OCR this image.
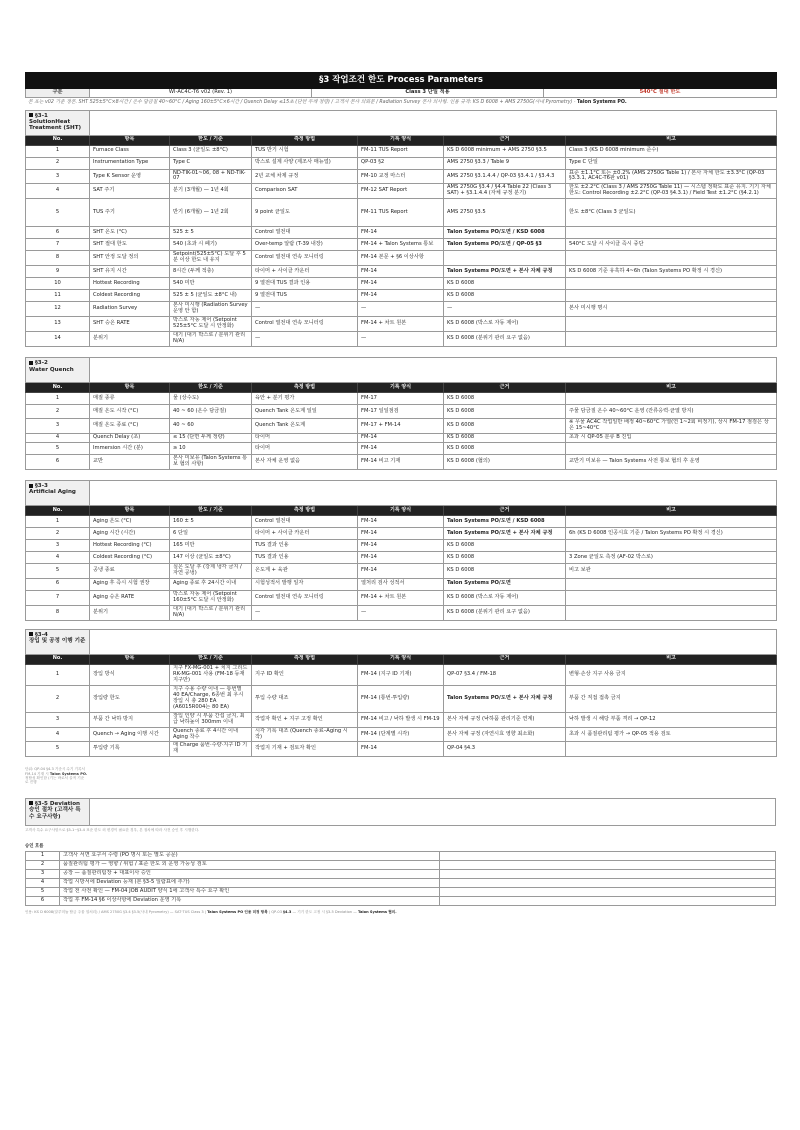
§3 작업조건 한도 Process Parameters
구분	WI-AC4C-T6 v02 (Rev. 1)	Class 3 단일 적용	540°C 절대 한도
본 표는 v02 기준 정본. SHT 525±5°C×8시간 / 온수 담금질 40~60°C / Aging 160±5°C×6시간 / Quench Delay ≤15초 (단면 두께 정량) / 고객사 본사 의뢰분 / Radiation Survey 본사 의사형. 인용 규격: KS D 6008 + AMS 2750G(사내 Pyrometry) · Talon Systems PO.
§3-1
SolutionHeat Treatment (SHT)						
No.	항목	한도 / 기준	측정 방법	기록 양식	근거	비고
1	Furnace Class	Class 3 (균일도 ±8°C)	TUS 반기 시험	FM-11 TUS Report	KS D 6008 minimum + AMS 2750 §3.5	Class 3 (KS D 6008 minimum 준수)
2	Instrumentation Type	Type C	박스로 설계 사양 (제조사 매뉴얼)	QP-03 §2	AMS 2750 §3.3 / Table 9	Type C 단일
3	Type K Sensor 운영	ND-TIK-01~06, 08 + ND-TIK-07	2년 교체 차제 규정	FM-10 교정 마스터	AMS 2750 §3.1.4.4 / QP-03 §3.4.1 / §3.4.3	표준 ±1.1°C 또는 ±0.2% (AMS 2750G Table 1) / 본사 자체 한도 ±3.3°C (QP-03 §3.3.1, AC4C-T6판 v01)
4	SAT 주기	분기 (3개월) — 1년 4회	Comparison SAT	FM-12 SAT Report	AMS 2750G §3.4 / §4.4 Table 22 (Class 3 SAT) + §3.1.4.4 (자체 규정 분기)	한도 ±2.2°C (Class 3 / AMS 2750G Table 11) — 시스템 정확도 표준 유지. 기기 자체 한도: Control Recording ±2.2°C (QP-03 §4.3.1) / Field Test ±1.2°C (§4.2.1)
5	TUS 주기	반기 (6개월) — 1년 2회	9 point 균일도	FM-11 TUS Report	AMS 2750 §3.5	한도 ±8°C (Class 3 균일도)
6	SHT 온도 (°C)	525 ± 5	Control 열전대	FM-14	Talon Systems PO/도면 / KSD 6008	
7	SHT 절대 한도	540 (초과 시 폐기)	Over-temp 알람 (T-39 내장)	FM-14 + Talon Systems 통보	Talon Systems PO/도면 / QP-05 §3	540°C 도달 시 사이클 즉시 중단
8	SHT 안정 도달 정의	Setpoint(525±5°C) 도달 후 5분 이상 한도 내 유지	Control 열전대 연속 모니터링	FM-14 본문 + §6 이상사항		
9	SHT 유지 시간	8시간 (두께 적층)	타이머 + 사이클 카운터	FM-14	Talon Systems PO/도면 + 본사 자체 규정	KS D 6008 기준 유혹하 4~6h (Talon Systems PO 확정 시 경신)
10	Hottest Recording	540 미만	9 열전대 TUS 결과 인용	FM-14	KS D 6008	
11	Coldest Recording	525 ± 5 (균일도 ±8°C 내)	9 열전대 TUS	FM-14	KS D 6008	
12	Radiation Survey	본사 미시행 (Radiation Survey 운영 안 함)	—	—	—	본사 미시행 명시
13	SHT 승온 RATE	박스로 자동 제어 (Setpoint 525±5°C 도달 시 안정화)	Control 열전대 연속 모니터링	FM-14 + 차트 원본	KS D 6008 (박스로 자동 제어)	
14	분위기	대기 (대기 박스로 / 분위기 관리 N/A)	—	—	KS D 6008 (분위기 관리 요구 없음)	
§3-2
Water Quench						
No.	항목	한도 / 기준	측정 방법	기록 양식	근거	비고
1	매질 종류	물 (상수도)	육안 + 분기 평가	FM-17	KS D 6008	
2	매질 온도 시작 (°C)	40 ~ 60 (온수 담금질)	Quench Tank 온도계 일일	FM-17 일일점검	KS D 6008	주물 담금질 온수 40~60°C 운영 (잔류응력·균열 방지)
3	매질 온도 종료 (°C)	40 ~ 60	Quench Tank 온도계	FM-17 + FM-14	KS D 6008	※ 우물 AC4C 작업일반 배정 40~60°C 가열(연 1~2회 비정기), 상시 FM-17 점검은 상온 15~40°C
4	Quench Delay (초)	≤ 15 (단면 두께 정량)	타이머	FM-14	KS D 6008	초과 시 QP-05 분류 B 진입
5	Immersion 시간 (분)	≥ 10	타이머	FM-14	KS D 6008	
6	교반	본사 미보유 (Talon Systems 통보 협의 사항)	본사 자체 운영 없음	FM-14 비고 기재	KS D 6008 (협의)	교반기 미보유 — Talon Systems 사전 통보 협의 후 운영
§3-3
Artificial Aging						
No.	항목	한도 / 기준	측정 방법	기록 양식	근거	비고
1	Aging 온도 (°C)	160 ± 5	Control 열전대	FM-14	Talon Systems PO/도면 / KSD 6008	
2	Aging 시간 (시간)	6 단일	타이머 + 사이클 카운터	FM-14	Talon Systems PO/도면 + 본사 자체 규정	6h (KS D 6008 인공시효 기준 / Talon Systems PO 확정 시 경신)
3	Hottest Recording (°C)	165 미만	TUS 결과 인용	FM-14	KS D 6008	
4	Coldest Recording (°C)	147 이상 (균일도 ±8°C)	TUS 결과 인용	FM-14	KS D 6008	3 Zone 균일도 측정 (AF-02 박스로)
5	공냉 종료	실온 도달 후 (강제 냉각 금지 / 자연 공냉)	온도계 + 육관	FM-14	KS D 6008	비고 보관
6	Aging 후 즉시 시험 권장	Aging 종료 후 24시간 이내	시험성적서 발행 일자	열처리 검사 성적서	Talon Systems PO/도면	
7	Aging 승온 RATE	박스로 자동 제어 (Setpoint 160±5°C 도달 시 안정화)	Control 열전대 연속 모니터링	FM-14 + 차트 원본	KS D 6008 (박스로 자동 제어)	
8	분위기	대기 (대기 박스로 / 분위기 관리 N/A)	—	—	KS D 6008 (분위기 관리 요구 없음)	
§3-4
장입 및 공정 이행 기준						
No.	항목	한도 / 기준	측정 방법	기록 양식	근거	비고
1	장입 방식	지구 FX-MG-001 + 치지 그리드 RK-MG-001 사용 (FM-18 등재 지구만)	지구 ID 확인	FM-14 (지구 ID 기재)	QP-07 §3.4 / FM-18	변형·손상 지구 사용 금지
2	장입량 한도	지구 수용 수량 이내 — 통번별 40 EA/Charge, 6종번 최 우시 장입 시 총 280 EA (A6015R004는 80 EA)	투입 수량 대조	FM-14 (통번·투입량)	Talon Systems PO/도면 + 본사 자체 규정	부품 간 직접 접촉 금지
3	부품 간 낙하 방지	장입 인양 시 부품 간섭 금지, 최급 낙하높이 300mm 이내	작업자 확인 + 지구 고정 확인	FM-14 비고 / 낙하 발생 시 FM-19	본사 자체 규정 (낙하품 관리기준 연계)	낙하 발생 시 해당 부품 격리 → QP-12
4	Quench → Aging 이행 시간	Quench 종료 후 4시간 이내 Aging 착수	시각 기록 대조 (Quench 종료–Aging 시작)	FM-14 (단계별 시각)	본사 자체 규정 (자연시효 영향 최소화)	초과 시 품질관리팀 평가 → QP-05 적용 검토
5	투입량 기록	매 Charge 품번·수량·지구 ID 기재	작업지 기재 + 검토자 확인	FM-14	QP-04 §4.3	
단위: QP-04 §4.3 기준시 수기 기록서
FM-14 기재 시 Talon Systems PO.
정합성 확인함 (기는 바로서 골적 기준
로 진행
§3-5 Deviation
승인 절차 (고객사 특수 요구사항)	
고객사 특수 요구사항으로 §3-1~§3-4 표준 한도 외 변경이 필요한 경우, 본 절차에 따라 사전 승인 후 시행한다.
승인 흐름
1	고객사 서면 요구서 수령 (PO 명시 또는 별도 공문)	
2	품질관리팀 평가 — 영향 / 위험 / 표준 한도 외 운영 가능성 검토	
3	공장 — 품질관리팀장 + 대표이사 승인	
4	작업 시방서에 Deviation 등재 (본 §3-5 일람표에 추가)	
5	작업 전 사전 확인 — FM-04 JOB AUDIT 양식 1에 고객사 특수 요구 확인	
6	작업 후 FM-14 §6 이상사항에 Deviation 운영 기록	
인용: KS D 6008(알루미늄 합금 주물 열처리) / AMS 2750G §3.4 §3.5(사내 Pyrometry) — SAT·TUS Class 3 | Talon Systems PO 인용 미정 항목 | QP-03 §4.3 — 기기 한도 고정 시 §3-5 Deviation — Talon Systems 협의.
